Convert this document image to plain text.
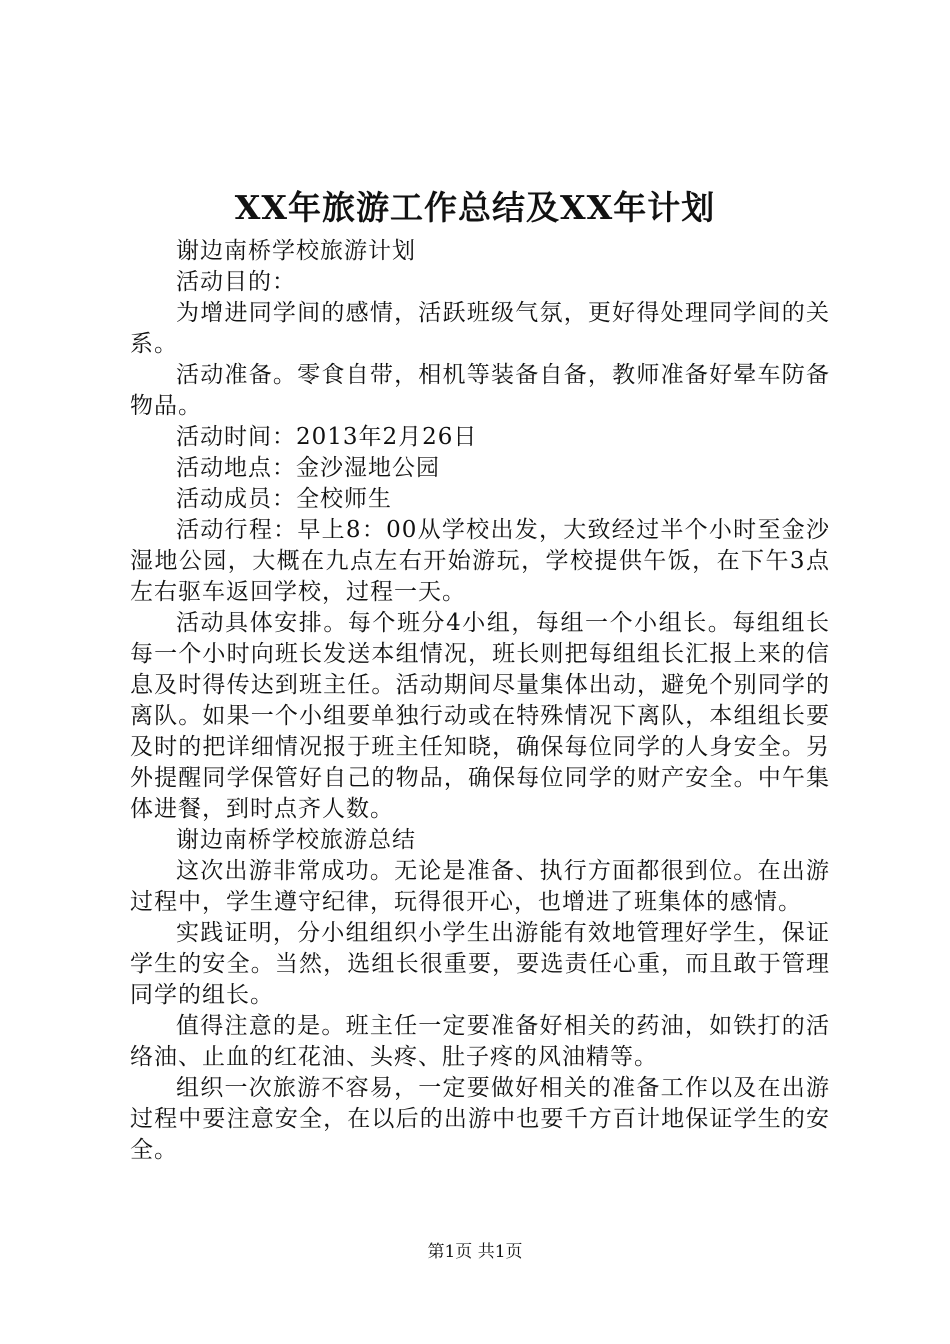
XX年旅游工作总结及XX年计划

谢边南桥学校旅游计划

活动目的：

为增进同学间的感情，活跃班级气氛，更好得处理同学间的关系。

活动准备。零食自带，相机等装备自备，教师准备好晕车防备物品。

活动时间：2013年2月26日

活动地点：金沙湿地公园

活动成员：全校师生

活动行程：早上8：00从学校出发，大致经过半个小时至金沙湿地公园，大概在九点左右开始游玩，学校提供午饭，在下午3点左右驱车返回学校，过程一天。

活动具体安排。每个班分4小组，每组一个小组长。每组组长每一个小时向班长发送本组情况，班长则把每组组长汇报上来的信息及时得传达到班主任。活动期间尽量集体出动，避免个别同学的离队。如果一个小组要单独行动或在特殊情况下离队，本组组长要及时的把详细情况报于班主任知晓，确保每位同学的人身安全。另外提醒同学保管好自己的物品，确保每位同学的财产安全。中午集体进餐，到时点齐人数。

谢边南桥学校旅游总结

这次出游非常成功。无论是准备、执行方面都很到位。在出游过程中，学生遵守纪律，玩得很开心，也增进了班集体的感情。

实践证明，分小组组织小学生出游能有效地管理好学生，保证学生的安全。当然，选组长很重要，要选责任心重，而且敢于管理同学的组长。

值得注意的是。班主任一定要准备好相关的药油，如铁打的活络油、止血的红花油、头疼、肚子疼的风油精等。

组织一次旅游不容易，一定要做好相关的准备工作以及在出游过程中要注意安全，在以后的出游中也要千方百计地保证学生的安全。

第1页 共1页
